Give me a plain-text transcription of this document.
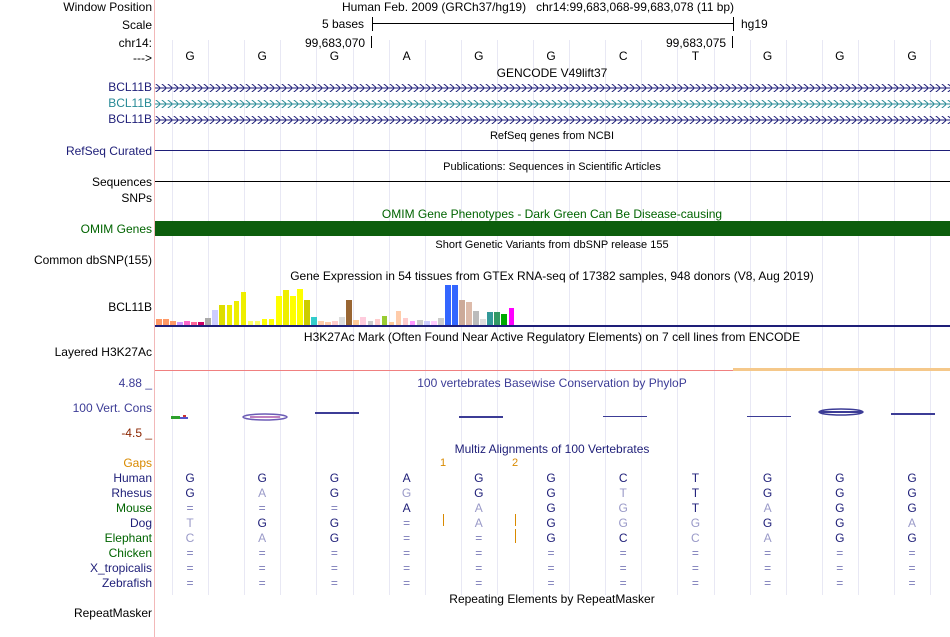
Window Position
Scale
chr14:
--->
BCL11B
BCL11B
BCL11B
RefSeq Curated
Sequences
SNPs
OMIM Genes
Common dbSNP(155)
BCL11B
Layered H3K27Ac
4.88 _
100 Vert. Cons
-4.5 _
Gaps
Human
Rhesus
Mouse
Dog
Elephant
Chicken
X_tropicalis
Zebrafish
RepeatMasker
Human Feb. 2009 (GRCh37/hg19) chr14:99,683,068-99,683,078 (11 bp)
5 bases	hg19
99,683,070	99,683,075
G	G	G	A	G	G	C	T	G	G	G
GENCODE V49lift37
RefSeq genes from NCBI
Publications: Sequences in Scientific Articles
OMIM Gene Phenotypes - Dark Green Can Be Disease-causing
Short Genetic Variants from dbSNP release 155
Gene Expression in 54 tissues from GTEx RNA-seq of 17382 samples, 948 donors (V8, Aug 2019)
H3K27Ac Mark (Often Found Near Active Regulatory Elements) on 7 cell lines from ENCODE
100 vertebrates Basewise Conservation by PhyloP
Multiz Alignments of 100 Vertebrates
1	2
G	G	G	A	G	G	C	T	G	G	G
G	A	G	G	G	G	T	T	G	G	G
=	=	=	A	A	G	G	T	A	G	G
T	G	G	=	A	G	G	G	G	G	A
C	A	G	=	=	G	C	C	A	G	G
=	=	=	=	=	=	=	=	=	=	=
=	=	=	=	=	=	=	=	=	=	=
=	=	=	=	=	=	=	=	=	=	=
Repeating Elements by RepeatMasker
